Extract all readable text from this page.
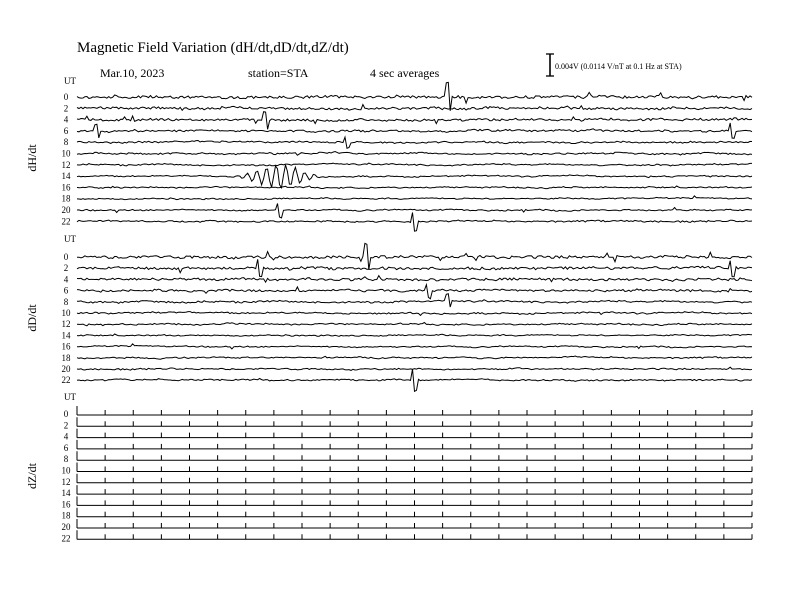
Magnetic Field Variation (dH/dt,dD/dt,dZ/dt)
Mar.10, 2023	station=STA	4 sec averages	0.004V (0.0114 V/nT at 0.1 Hz at STA)
UT
dH/dt
0
2
4
6
8
10
12
14
16
18
20
22
UT
dD/dt
0
2
4
6
8
10
12
14
16
18
20
22
UT
dZ/dt
0
2
4
6
8
10
12
14
16
18
20
22
